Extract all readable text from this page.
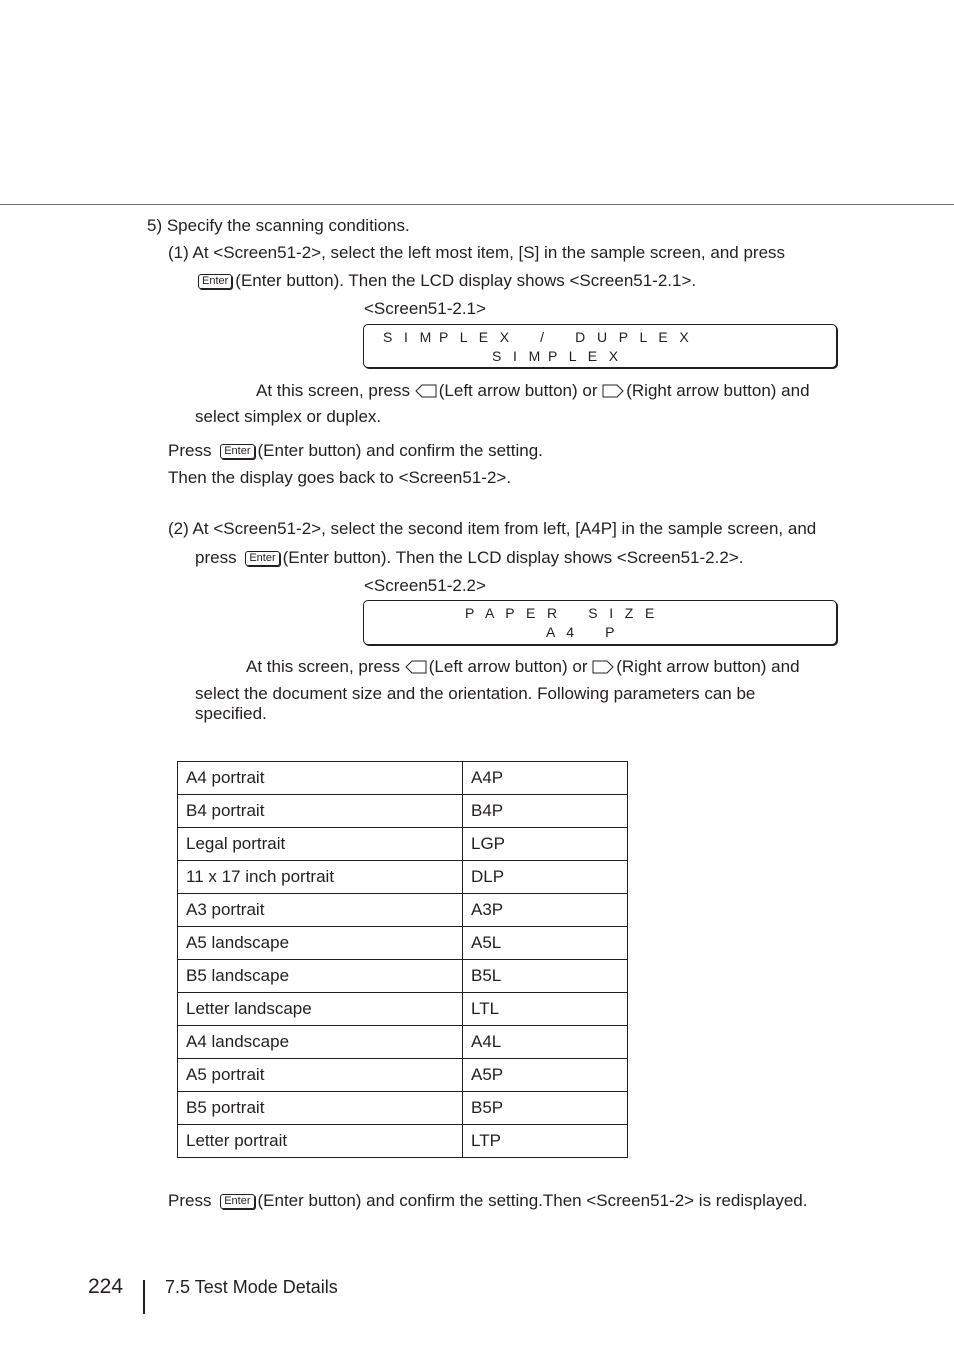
5) Specify the scanning conditions.
(1) At <Screen51-2>, select the left most item, [S] in the sample screen, and press
Enter (Enter button). Then the LCD display shows <Screen51-2.1>.
<Screen51-2.1>
S   I   M  P   L   E   X        /        D   U   P   L   E   X
S   I   M  P   L   E   X
At this screen, press (Left arrow button) or (Right arrow button) and
select simplex or duplex.
Press Enter (Enter button) and confirm the setting.
Then the display goes back to <Screen51-2>.
(2) At <Screen51-2>, select the second item from left, [A4P] in the sample screen, and
press Enter (Enter button). Then the LCD display shows <Screen51-2.2>.
<Screen51-2.2>
P   A   P   E   R        S   I   Z   E
A   4        P
At this screen, press (Left arrow button) or (Right arrow button) and
select the document size and the orientation. Following parameters can be
specified.
A4 portrait	A4P
B4 portrait	B4P
Legal portrait	LGP
11 x 17 inch portrait	DLP
A3 portrait	A3P
A5 landscape	A5L
B5 landscape	B5L
Letter landscape	LTL
A4 landscape	A4L
A5 portrait	A5P
B5 portrait	B5P
Letter portrait	LTP
Press Enter (Enter button) and confirm the setting.Then <Screen51-2> is redisplayed.
224 7.5 Test Mode Details
